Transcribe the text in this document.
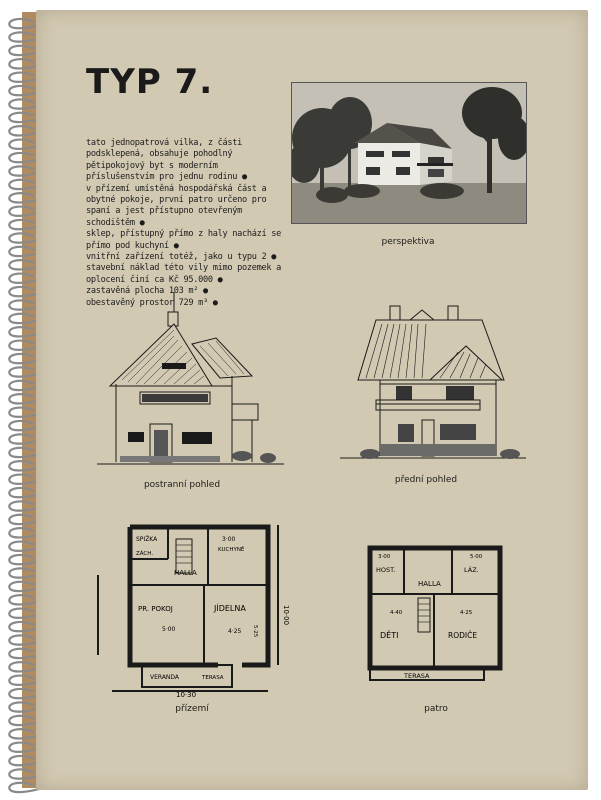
TYP 7.

tato jednopatrová vilka, z části podsklepená, obsahuje pohodlný pětipokojový byt s moderním příslušenstvím pro jednu rodinu ●

v přízemí umístěná hospodářská část a obytné pokoje, první patro určeno pro spaní a jest přístupno otevřeným schodištěm ●

sklep, přístupný přímo z haly nachází se přímo pod kuchyní ●

vnitřní zařízení totéž, jako u typu 2 ●

stavební náklad této vily mimo pozemek a oplocení činí ca Kč 95.000 ●

zastavěná plocha 103 m² ●

obestavěný prostor 729 m³ ●

perspektiva
postranní pohled	přední pohled
SPIŽKA
KUCHYNĚ
ZÁCH.
HALLA
PR. POKOJ	JÍDELNA
VERANDA	TERASA
10·30
10·00
5·00	4·25
3·00
5·25
přízemí
HOST.
HALLA
LÁZ.
DĚTI	RODIČE
TERASA
4·40	4·25
3·00	5·00
patro
